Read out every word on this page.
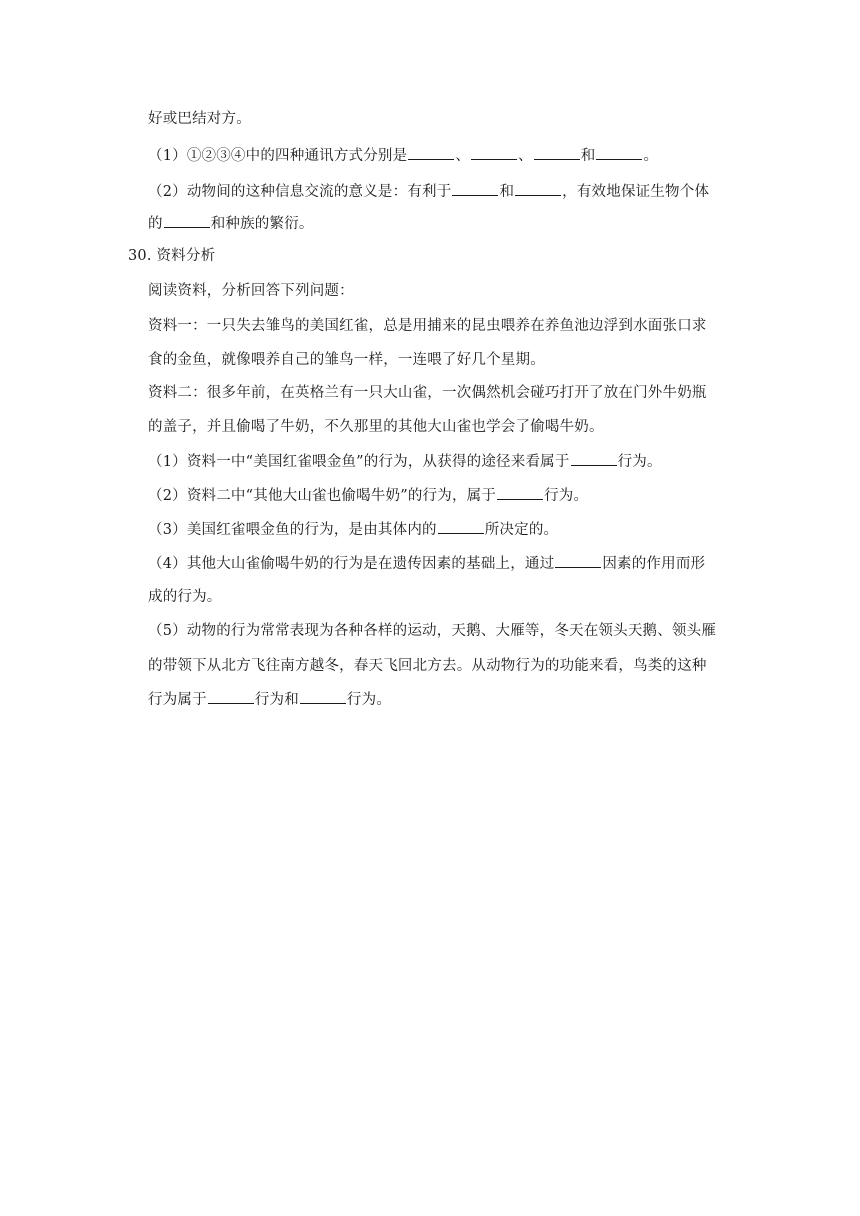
好或巴结对方。
（1）①②③④中的四种通讯方式分别是	、	、	和	。
（2）动物间的这种信息交流的意义是：有利于	和	，有效地保证生物个体
的	和种族的繁衍。
30. 资料分析
阅读资料，分析回答下列问题：
资料一：一只失去雏鸟的美国红雀，总是用捕来的昆虫喂养在养鱼池边浮到水面张口求
食的金鱼，就像喂养自己的雏鸟一样，一连喂了好几个星期。
资料二：很多年前，在英格兰有一只大山雀，一次偶然机会碰巧打开了放在门外牛奶瓶
的盖子，并且偷喝了牛奶，不久那里的其他大山雀也学会了偷喝牛奶。
（1）资料一中“美国红雀喂金鱼”的行为，从获得的途径来看属于	行为。
（2）资料二中“其他大山雀也偷喝牛奶”的行为，属于	行为。
（3）美国红雀喂金鱼的行为，是由其体内的	所决定的。
（4）其他大山雀偷喝牛奶的行为是在遗传因素的基础上，通过	因素的作用而形
成的行为。
（5）动物的行为常常表现为各种各样的运动，天鹅、大雁等，冬天在领头天鹅、领头雁
的带领下从北方飞往南方越冬，春天飞回北方去。从动物行为的功能来看，鸟类的这种
行为属于	行为和	行为。
